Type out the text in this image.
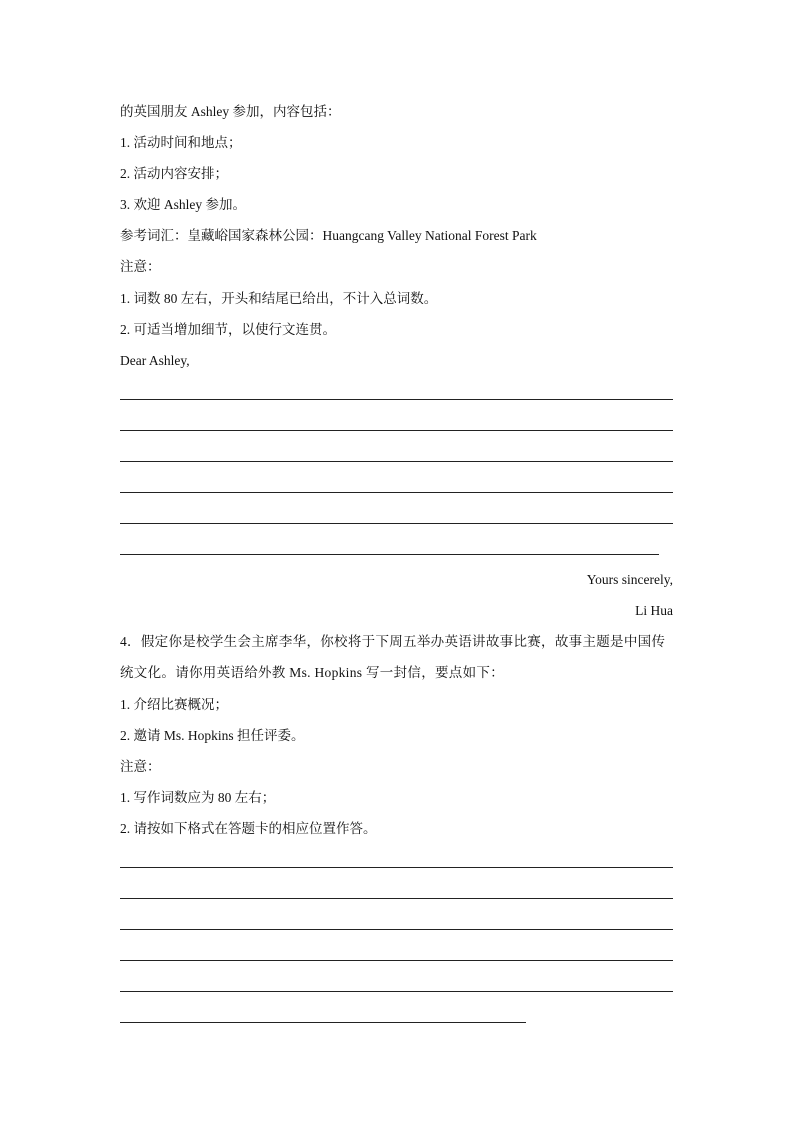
的英国朋友 Ashley 参加，内容包括：
1. 活动时间和地点；
2. 活动内容安排；
3. 欢迎 Ashley 参加。
参考词汇：皇藏峪国家森林公园：Huangcang Valley National Forest Park
注意：
1. 词数 80 左右，开头和结尾已给出，不计入总词数。
2. 可适当增加细节，以使行文连贯。
Dear Ashley,
Yours sincerely,
Li Hua
4．假定你是校学生会主席李华，你校将于下周五举办英语讲故事比赛，故事主题是中国传统文化。请你用英语给外教 Ms. Hopkins 写一封信，要点如下：
1. 介绍比赛概况；
2. 邀请 Ms. Hopkins 担任评委。
注意：
1. 写作词数应为 80 左右；
2. 请按如下格式在答题卡的相应位置作答。
